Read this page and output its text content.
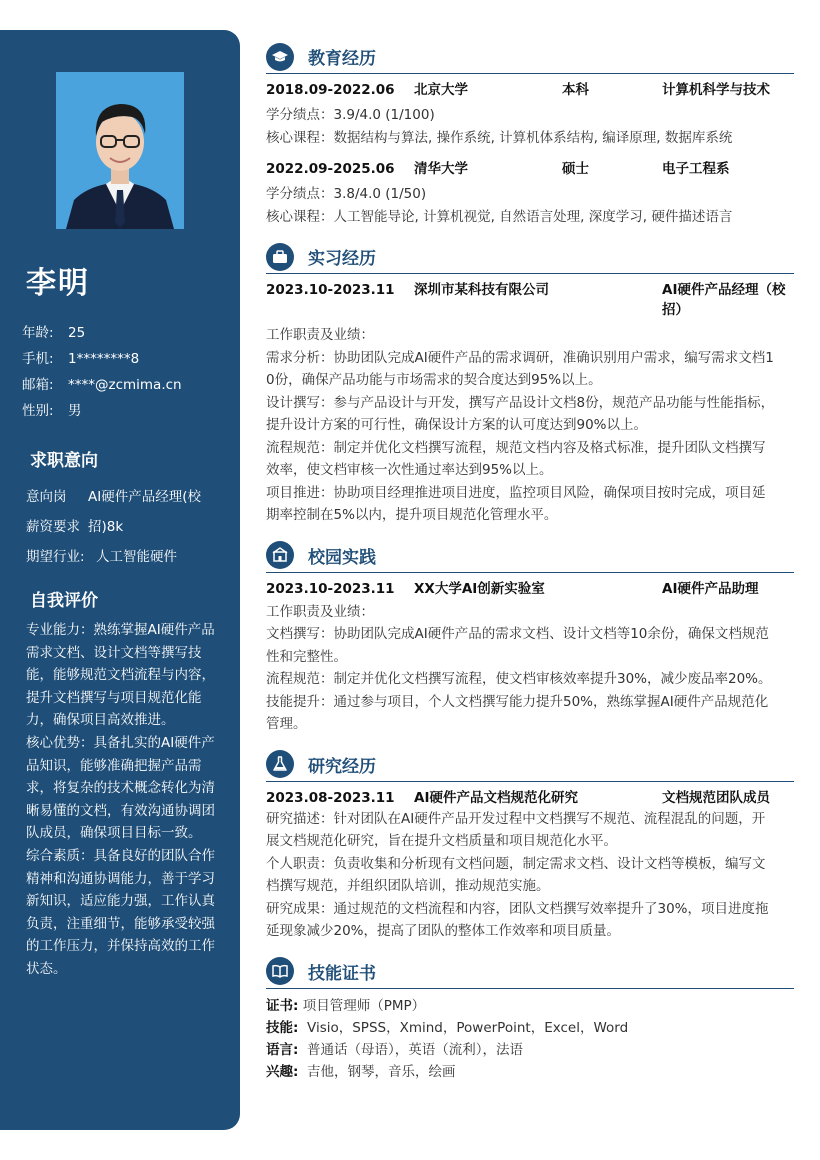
李明
年龄: 25
手机: 1********8
邮箱: ****@zcmima.cn
性别: 男
求职意向
意向岗 AI硬件产品经理(校
薪资要求 招)8k
期望行业: 人工智能硬件
自我评价

专业能力：熟练掌握AI硬件产品需求文档、设计文档等撰写技能，能够规范文档流程与内容，提升文档撰写与项目规范化能力，确保项目高效推进。

核心优势：具备扎实的AI硬件产品知识，能够准确把握产品需求，将复杂的技术概念转化为清晰易懂的文档，有效沟通协调团队成员，确保项目目标一致。

综合素质：具备良好的团队合作精神和沟通协调能力，善于学习新知识，适应能力强，工作认真负责，注重细节，能够承受较强的工作压力，并保持高效的工作状态。

教育经历
2018.09-2022.06	北京大学	本科	计算机科学与技术
学分绩点：3.9/4.0 (1/100)
核心课程：数据结构与算法, 操作系统, 计算机体系结构, 编译原理, 数据库系统
2022.09-2025.06	清华大学	硕士	电子工程系
学分绩点：3.8/4.0 (1/50)
核心课程：人工智能导论, 计算机视觉, 自然语言处理, 深度学习, 硬件描述语言
实习经历
2023.10-2023.11	深圳市某科技有限公司	AI硬件产品经理（校
招）
工作职责及业绩：
需求分析：协助团队完成AI硬件产品的需求调研，准确识别用户需求，编写需求文档1
0份，确保产品功能与市场需求的契合度达到95%以上。
设计撰写：参与产品设计与开发，撰写产品设计文档8份，规范产品功能与性能指标，
提升设计方案的可行性，确保设计方案的认可度达到90%以上。
流程规范：制定并优化文档撰写流程，规范文档内容及格式标准，提升团队文档撰写
效率，使文档审核一次性通过率达到95%以上。
项目推进：协助项目经理推进项目进度，监控项目风险，确保项目按时完成，项目延
期率控制在5%以内，提升项目规范化管理水平。
校园实践
2023.10-2023.11	XX大学AI创新实验室	AI硬件产品助理
工作职责及业绩：
文档撰写：协助团队完成AI硬件产品的需求文档、设计文档等10余份，确保文档规范
性和完整性。
流程规范：制定并优化文档撰写流程，使文档审核效率提升30%，减少废品率20%。
技能提升：通过参与项目，个人文档撰写能力提升50%，熟练掌握AI硬件产品规范化
管理。
研究经历
2023.08-2023.11	AI硬件产品文档规范化研究	文档规范团队成员
研究描述：针对团队在AI硬件产品开发过程中文档撰写不规范、流程混乱的问题，开
展文档规范化研究，旨在提升文档质量和项目规范化水平。
个人职责：负责收集和分析现有文档问题，制定需求文档、设计文档等模板，编写文
档撰写规范，并组织团队培训，推动规范实施。
研究成果：通过规范的文档流程和内容，团队文档撰写效率提升了30%，项目进度拖
延现象减少20%，提高了团队的整体工作效率和项目质量。
技能证书
证书: 项目管理师（PMP）
技能: Visio，SPSS，Xmind，PowerPoint，Excel，Word
语言: 普通话（母语），英语（流利），法语
兴趣: 吉他，钢琴，音乐，绘画
